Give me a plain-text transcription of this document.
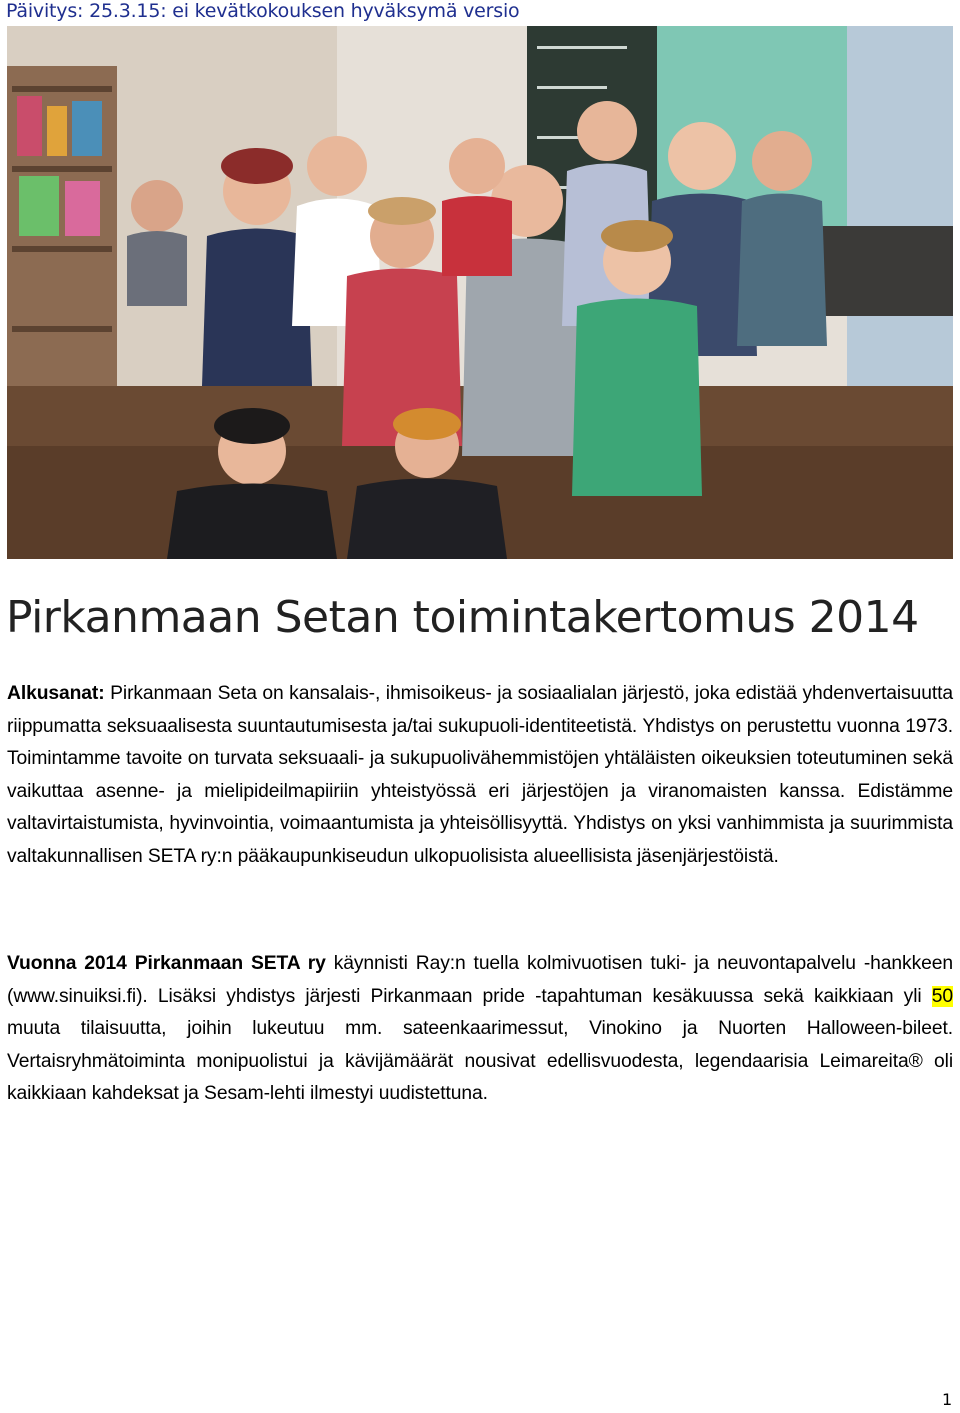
Päivitys: 25.3.15: ei kevätkokouksen hyväksymä versio
Pirkanmaan Setan toimintakertomus 2014
Alkusanat: Pirkanmaan Seta on kansalais-, ihmisoikeus- ja sosiaalialan järjestö, joka edistää yhdenvertaisuutta riippumatta seksuaalisesta suuntautumisesta ja/tai sukupuoli-identiteetistä. Yhdistys on perustettu vuonna 1973. Toimintamme tavoite on turvata seksuaali- ja sukupuolivähemmistöjen yhtäläisten oikeuksien toteutuminen sekä vaikuttaa asenne- ja mielipideilmapiiriin yhteistyössä eri järjestöjen ja viranomaisten kanssa. Edistämme valtavirtaistumista, hyvinvointia, voimaantumista ja yhteisöllisyyttä. Yhdistys on yksi vanhimmista ja suurimmista valtakunnallisen SETA ry:n pääkaupunkiseudun ulkopuolisista alueellisista jäsenjärjestöistä.
Vuonna 2014 Pirkanmaan SETA ry käynnisti Ray:n tuella kolmivuotisen tuki- ja neuvontapalvelu -hankkeen (www.sinuiksi.fi). Lisäksi yhdistys järjesti Pirkanmaan pride -tapahtuman kesäkuussa sekä kaikkiaan yli 50 muuta tilaisuutta, joihin lukeutuu mm. sateenkaarimessut, Vinokino ja Nuorten Halloween-bileet. Vertaisryhmätoiminta monipuolistui ja kävijämäärät nousivat edellisvuodesta, legendaarisia Leimareita® oli kaikkiaan kahdeksat ja Sesam-lehti ilmestyi uudistettuna.
1
